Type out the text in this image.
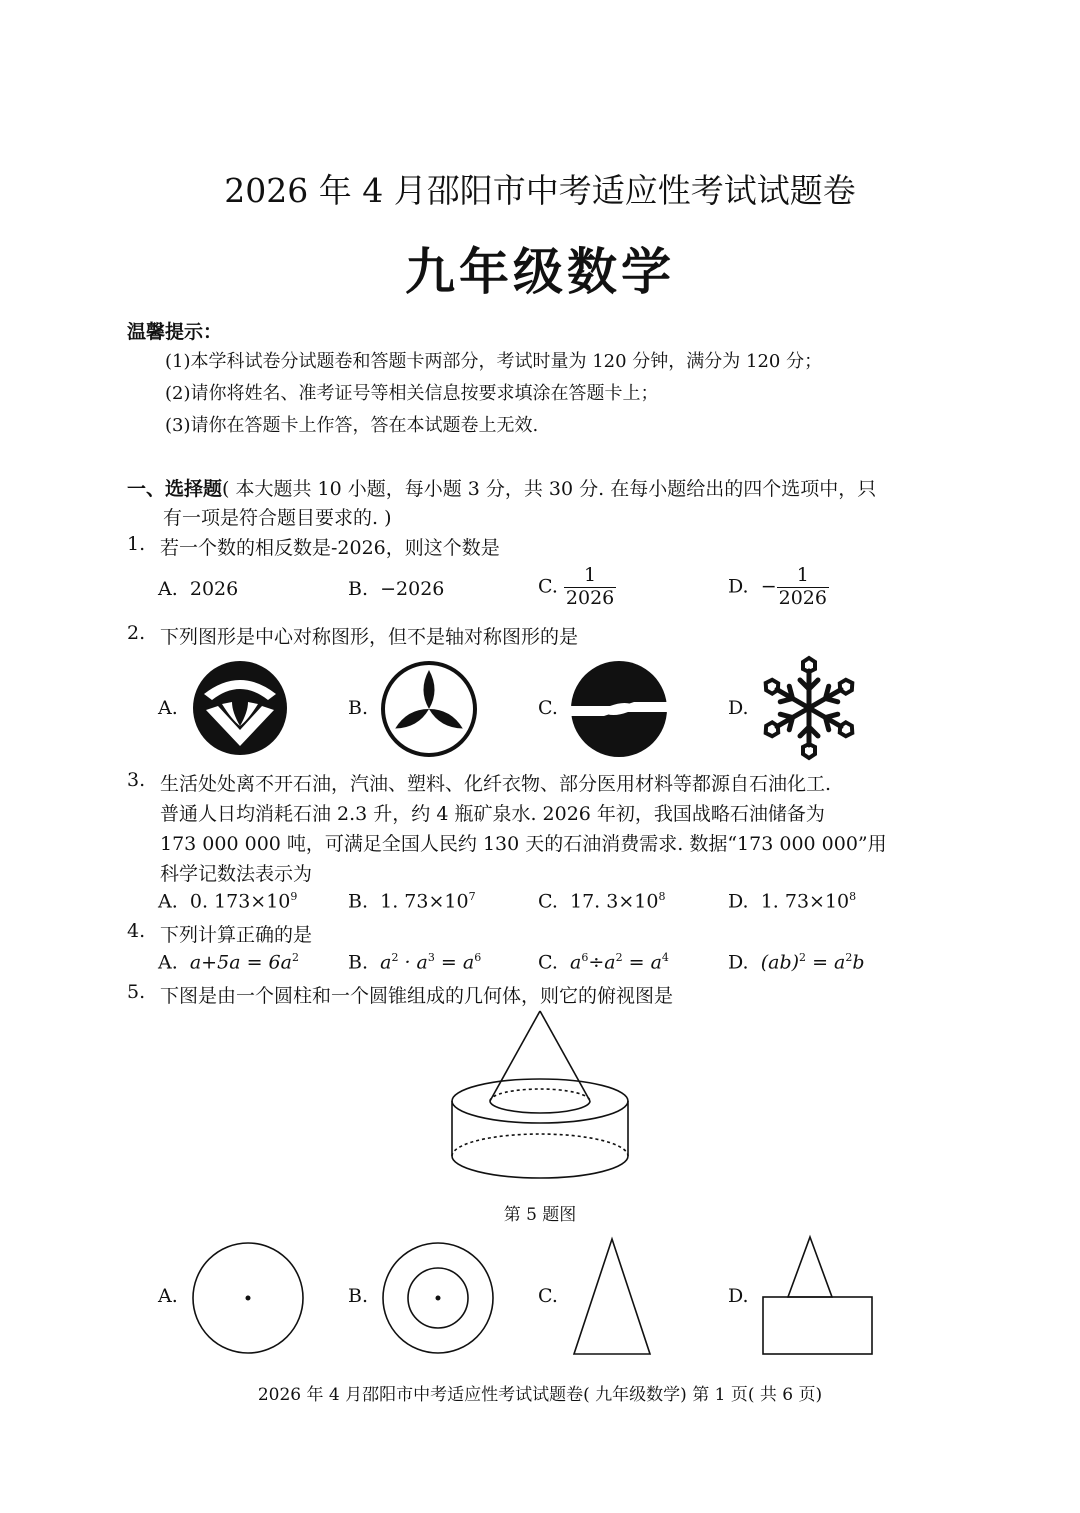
2026 年 4 月邵阳市中考适应性考试试题卷
九年级数学
温馨提示：
(1)本学科试卷分试题卷和答题卡两部分，考试时量为 120 分钟，满分为 120 分；
(2)请你将姓名、准考证号等相关信息按要求填涂在答题卡上；
(3)请你在答题卡上作答，答在本试题卷上无效.
一、选择题( 本大题共 10 小题，每小题 3 分，共 30 分. 在每小题给出的四个选项中，只
有一项是符合题目要求的. )
1. 若一个数的相反数是-2026，则这个数是
A. 2026	B. −2026	C. $\frac{1}{2026}$	D. − $\frac{1}{2026}$
2. 下列图形是中心对称图形，但不是轴对称图形的是
A.	B.	C.	D.
3. 生活处处离不开石油，汽油、塑料、化纤衣物、部分医用材料等都源自石油化工.
普通人日均消耗石油 2.3 升，约 4 瓶矿泉水. 2026 年初，我国战略石油储备为
173 000 000 吨，可满足全国人民约 130 天的石油消费需求. 数据“173 000 000”用
科学记数法表示为
A. 0. $173\times 10^9$	B. 1. $73\times 10^7$	C. 17. $3\times 10^8$	D. 1. $73\times 10^8$
4. 下列计算正确的是
A. $a+5a = 6a^2$	B. $a^2 \cdot a^3 = a^6$	C. $a^6\div a^2 = a^4$	D. $(ab)^2 = a^2b$
5. 下图是由一个圆柱和一个圆锥组成的几何体，则它的俯视图是
第 5 题图
A.	B.	C.	D.
2026 年 4 月邵阳市中考适应性考试试题卷( 九年级数学) 第 1 页( 共 6 页)
